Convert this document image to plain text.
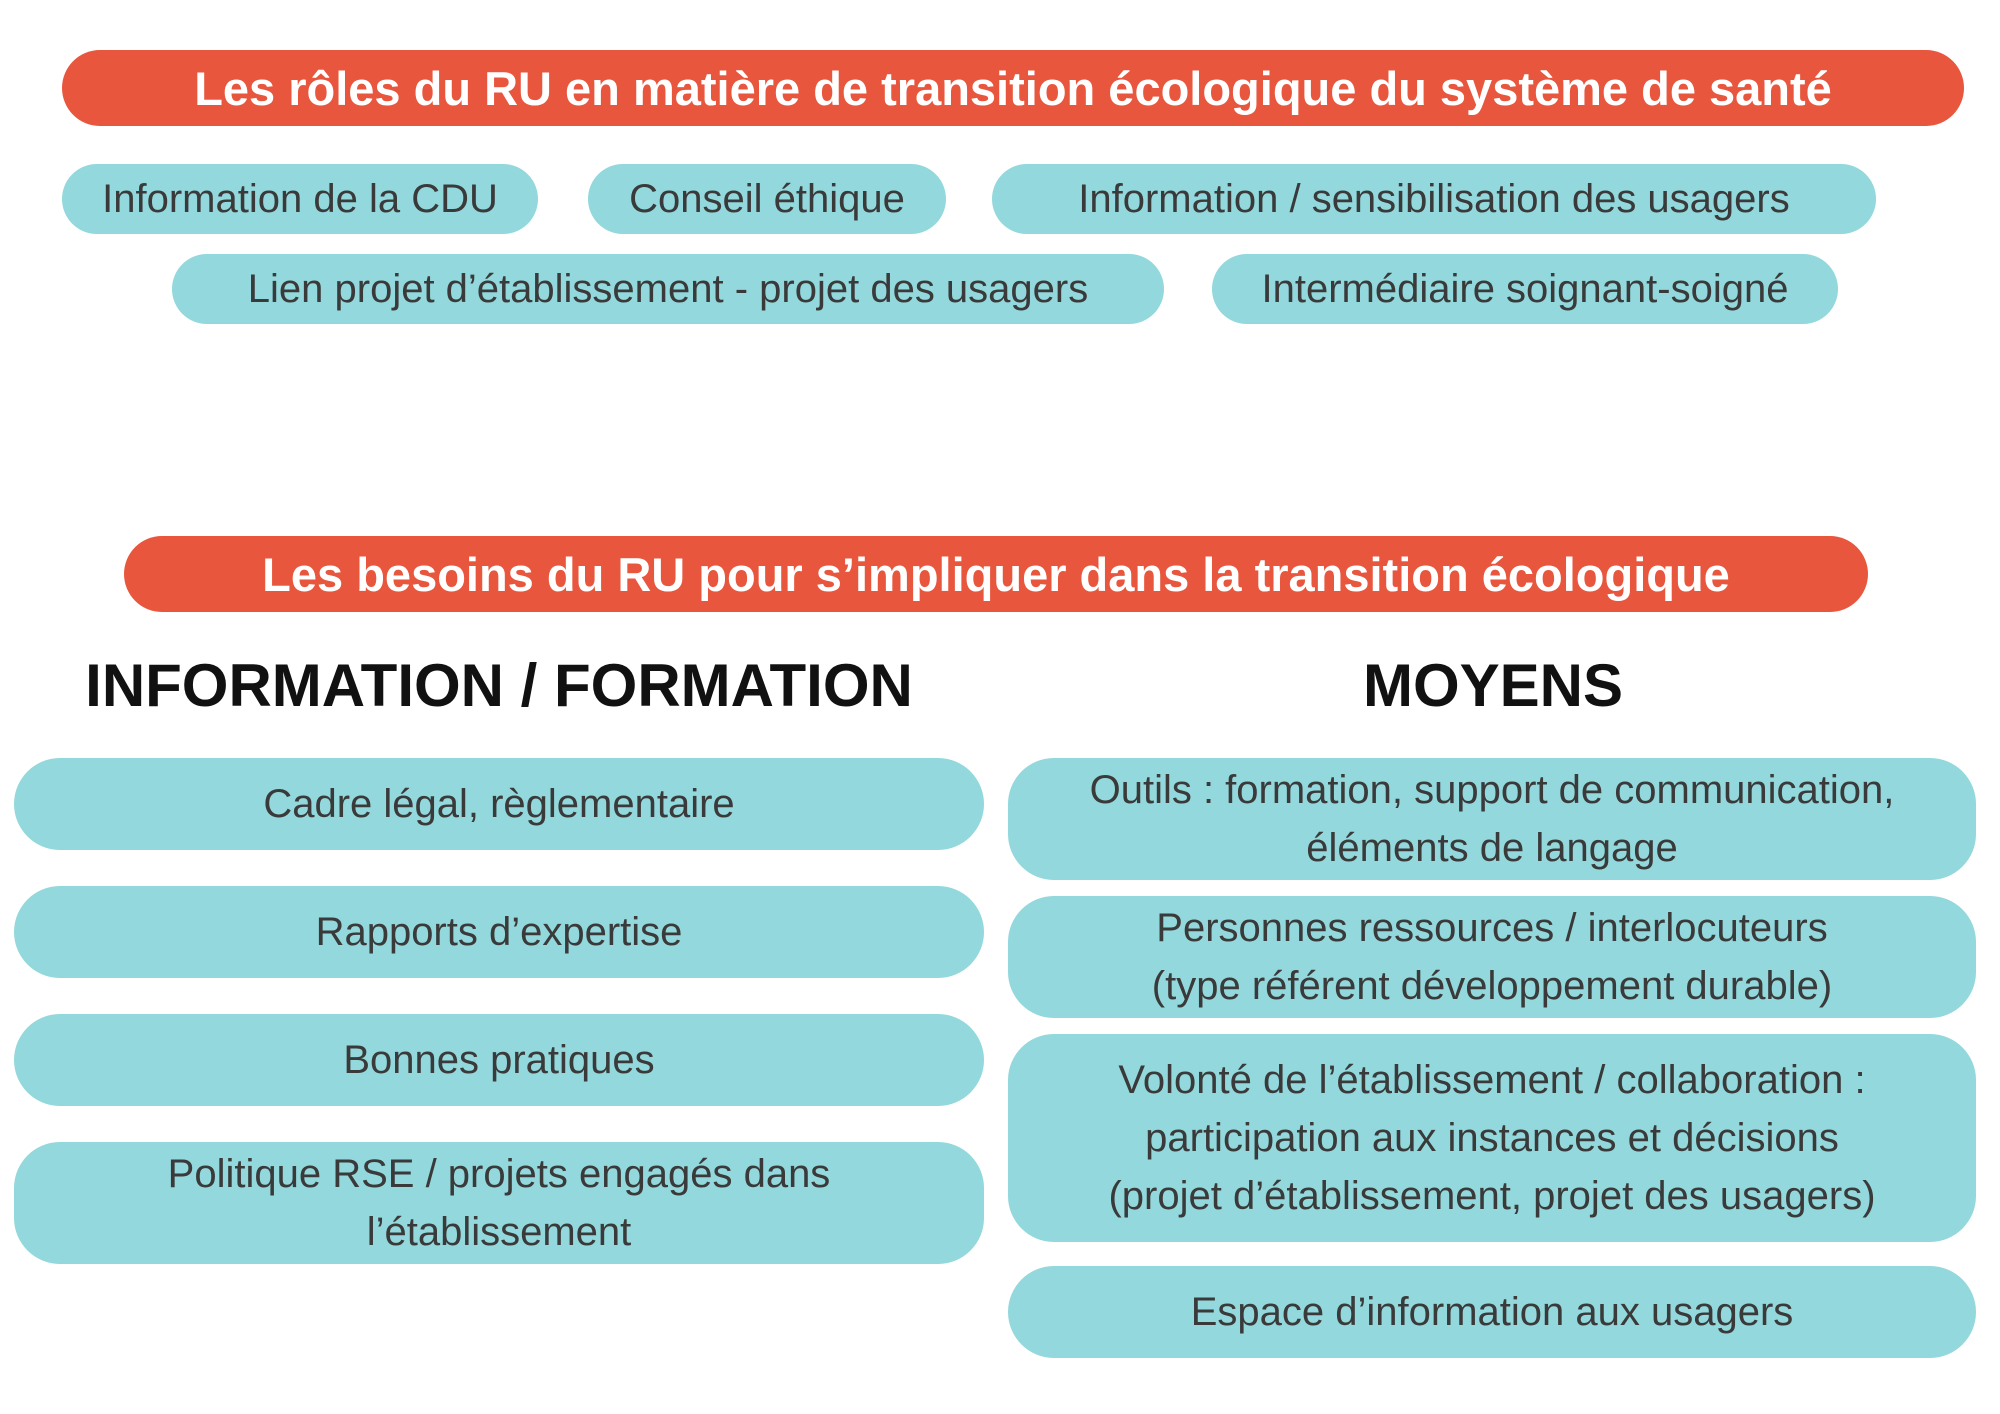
Les rôles du RU en matière de transition écologique du système de santé
Information de la CDU	Conseil éthique	Information / sensibilisation des usagers
Lien projet d’établissement - projet des usagers	Intermédiaire soignant-soigné
Les besoins du RU pour s’impliquer dans la transition écologique
INFORMATION / FORMATION	MOYENS
Cadre légal, règlementaire
Rapports d’expertise
Bonnes pratiques
Politique RSE / projets engagés dans
l’établissement
Outils : formation, support de communication,
éléments de langage
Personnes ressources / interlocuteurs
(type référent développement durable)
Volonté de l’établissement / collaboration :
participation aux instances et décisions
(projet d’établissement, projet des usagers)
Espace d’information aux usagers
